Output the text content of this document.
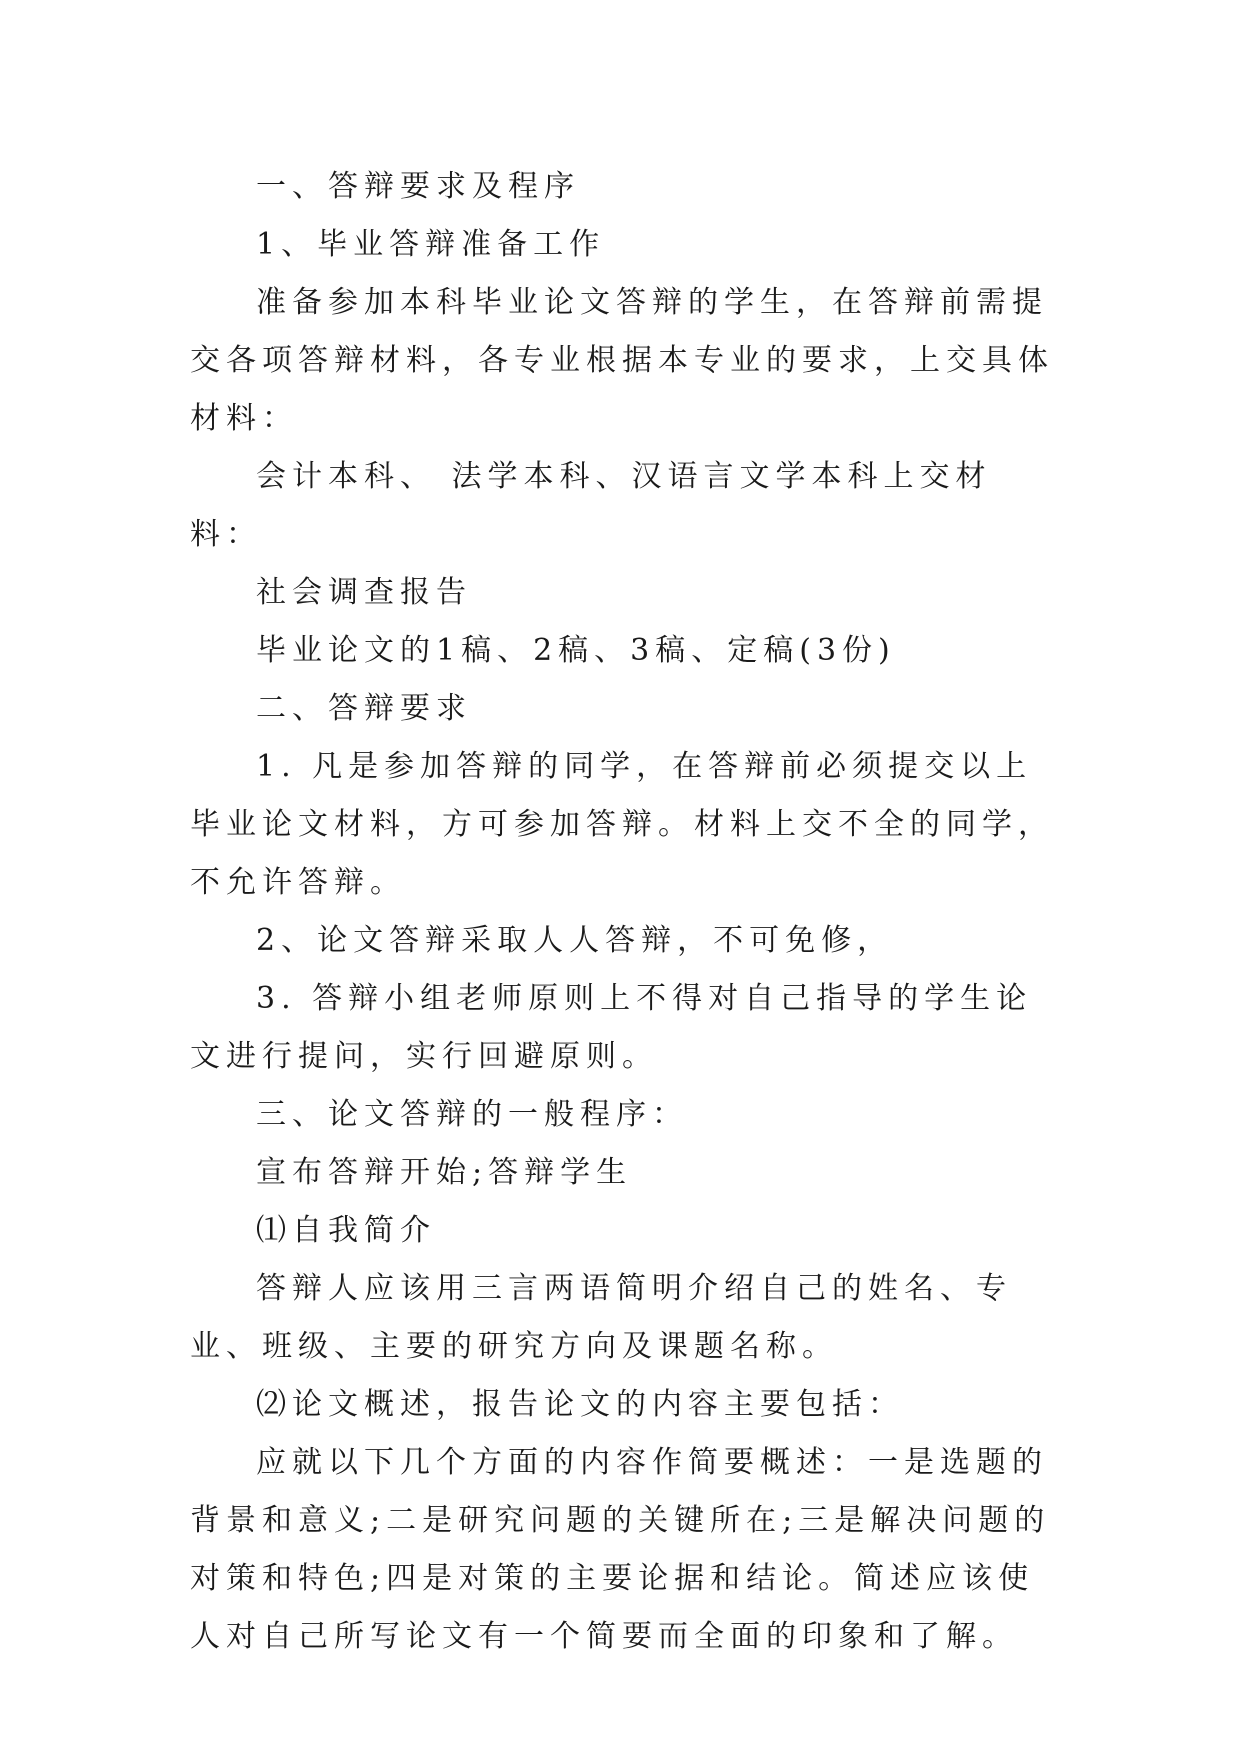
一、答辩要求及程序

1、毕业答辩准备工作

准备参加本科毕业论文答辩的学生，在答辩前需提交各项答辩材料，各专业根据本专业的要求，上交具体材料：

会计本科、 法学本科、汉语言文学本科上交材料：

社会调查报告

毕业论文的1稿、2稿、3稿、定稿(3份)

二、答辩要求

1. 凡是参加答辩的同学，在答辩前必须提交以上毕业论文材料，方可参加答辩。材料上交不全的同学，不允许答辩。

2、论文答辩采取人人答辩，不可免修，

3. 答辩小组老师原则上不得对自己指导的学生论文进行提问，实行回避原则。

三、论文答辩的一般程序：

宣布答辩开始;答辩学生

⑴自我简介

答辩人应该用三言两语简明介绍自己的姓名、专业、班级、主要的研究方向及课题名称。

⑵论文概述，报告论文的内容主要包括：

应就以下几个方面的内容作简要概述：一是选题的背景和意义;二是研究问题的关键所在;三是解决问题的对策和特色;四是对策的主要论据和结论。简述应该使人对自己所写论文有一个简要而全面的印象和了解。
